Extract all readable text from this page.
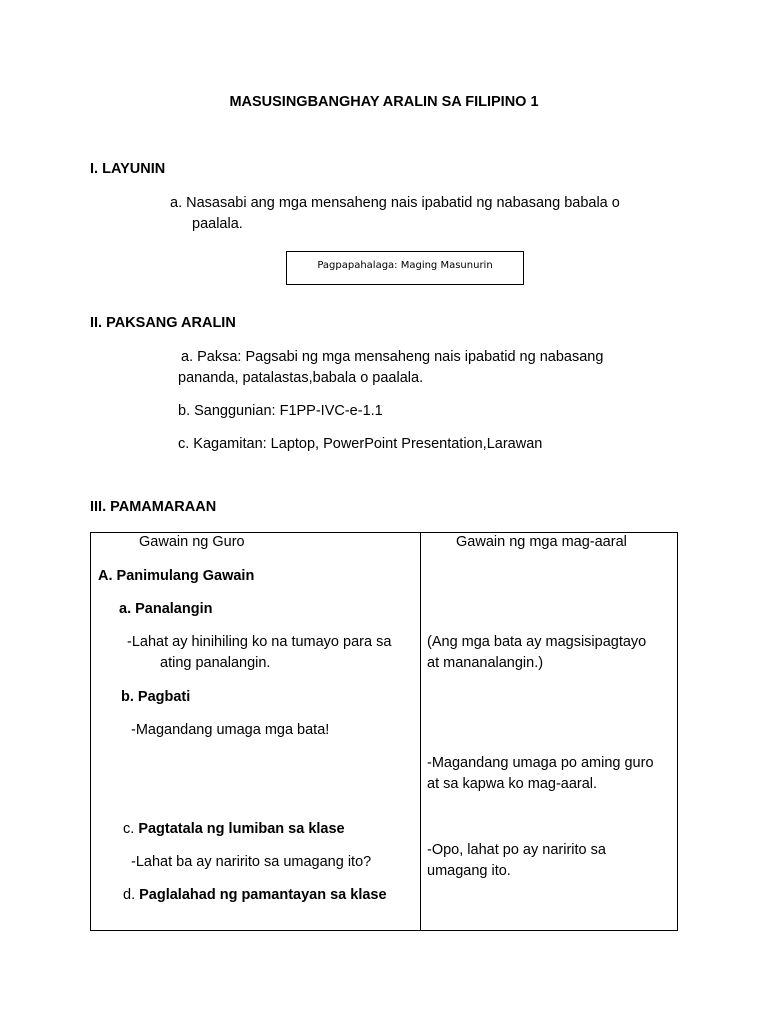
MASUSINGBANGHAY ARALIN SA FILIPINO 1
I. LAYUNIN
a. Nasasabi ang mga mensaheng nais ipabatid ng nabasang babala o
paalala.
Pagpapahalaga: Maging Masunurin
II. PAKSANG ARALIN
a. Paksa: Pagsabi ng mga mensaheng nais ipabatid ng nabasang
pananda, patalastas,babala o paalala.
b. Sanggunian: F1PP-IVC-e-1.1
c. Kagamitan: Laptop, PowerPoint Presentation,Larawan
III. PAMAMARAAN
Gawain ng Guro	Gawain ng mga mag-aaral
A. Panimulang Gawain
a. Panalangin
-Lahat ay hinihiling ko na tumayo para sa
ating panalangin.
b. Pagbati
-Magandang umaga mga bata!
c. Pagtatala ng lumiban sa klase
-Lahat ba ay naririto sa umagang ito?
d. Paglalahad ng pamantayan sa klase
(Ang mga bata ay magsisipagtayo
at mananalangin.)
-Magandang umaga po aming guro
at sa kapwa ko mag-aaral.
-Opo, lahat po ay naririto sa
umagang ito.
